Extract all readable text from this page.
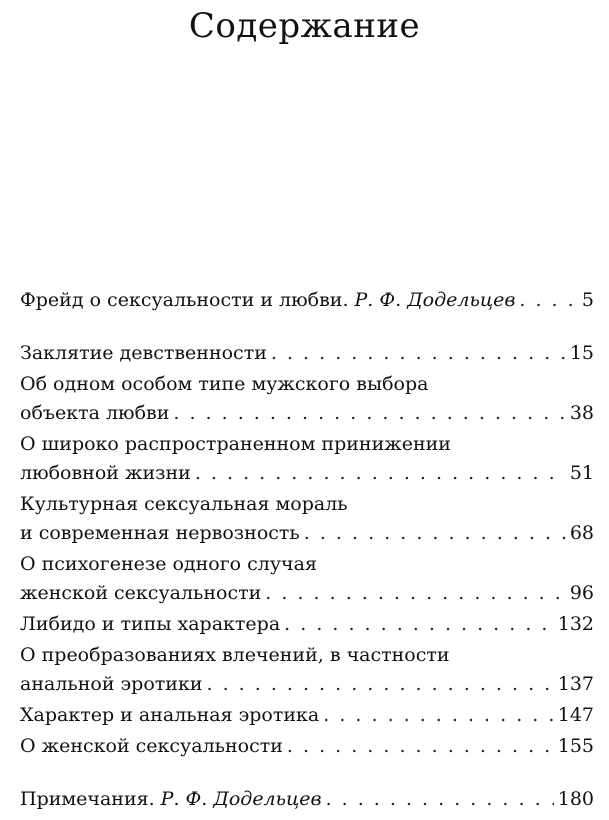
Содержание
Фрейд о сексуальности и любви. Р. Ф. Додельцев . . .	5
Заклятие девственности . . .	15
Об одном особом типе мужского выбора
объекта любви . . .	38
О широко распространенном принижении
любовной жизни . . .	51
Культурная сексуальная мораль
и современная нервозность . . .	68
О психогенезе одного случая
женской сексуальности . . .	96
Либидо и типы характера . . .	132
О преобразованиях влечений, в частности
анальной эротики . . .	137
Характер и анальная эротика . . .	147
О женской сексуальности . . .	155
Примечания. Р. Ф. Додельцев . . .	180
